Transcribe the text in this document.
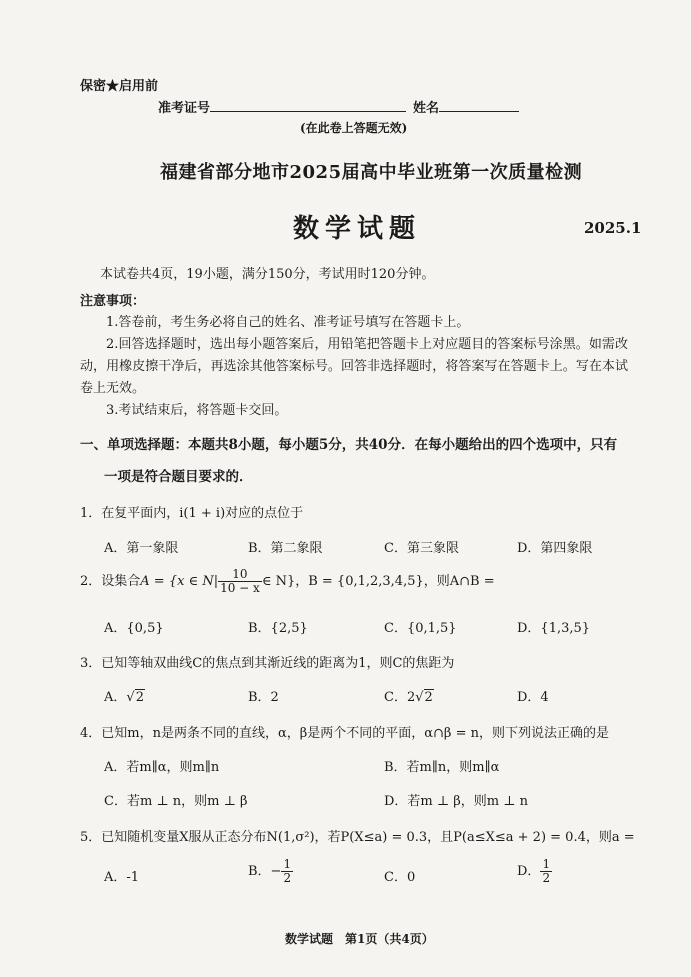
保密★启用前
准考证号	姓名
(在此卷上答题无效)
福建省部分地市2025届高中毕业班第一次质量检测
数学试题	2025.1
本试卷共4页，19小题，满分150分，考试用时120分钟。
注意事项：

1.答卷前，考生务必将自己的姓名、准考证号填写在答题卡上。

2.回答选择题时，选出每小题答案后，用铅笔把答题卡上对应题目的答案标号涂黑。如需改动，用橡皮擦干净后，再选涂其他答案标号。回答非选择题时，将答案写在答题卡上。写在本试卷上无效。

3.考试结束后，将答题卡交回。

一、单项选择题：本题共8小题，每小题5分，共40分．在每小题给出的四个选项中，只有
一项是符合题目要求的．
1．在复平面内，i(1 + i)对应的点位于
A．第一象限	B．第二象限	C．第三象限	D．第四象限
2．设集合A = {x ∈ $N| \frac{10}{10 - x}$ ∈ N}，B = {0,1,2,3,4,5}，则A∩B =
A．{0,5}	B．{2,5}	C．{0,1,5}	D．{1,3,5}
3．已知等轴双曲线C的焦点到其渐近线的距离为1，则C的焦距为
A．√2	B．2	C．2√2	D．4
4．已知m，n是两条不同的直线，α，β是两个不同的平面，α∩β = n，则下列说法正确的是
A．若m∥α，则m∥n	B．若m∥n，则m∥α
C．若m ⊥ n，则m ⊥ β	D．若m ⊥ β，则m ⊥ n
5．已知随机变量X服从正态分布N(1,σ²)，若P(X≤a) = 0.3，且P(a≤X≤a + 2) = 0.4，则a =
A．-1	B．− $\frac{1}{2}$	C．0	D． $\frac{1}{2}$
数学试题　第1页（共4页）
